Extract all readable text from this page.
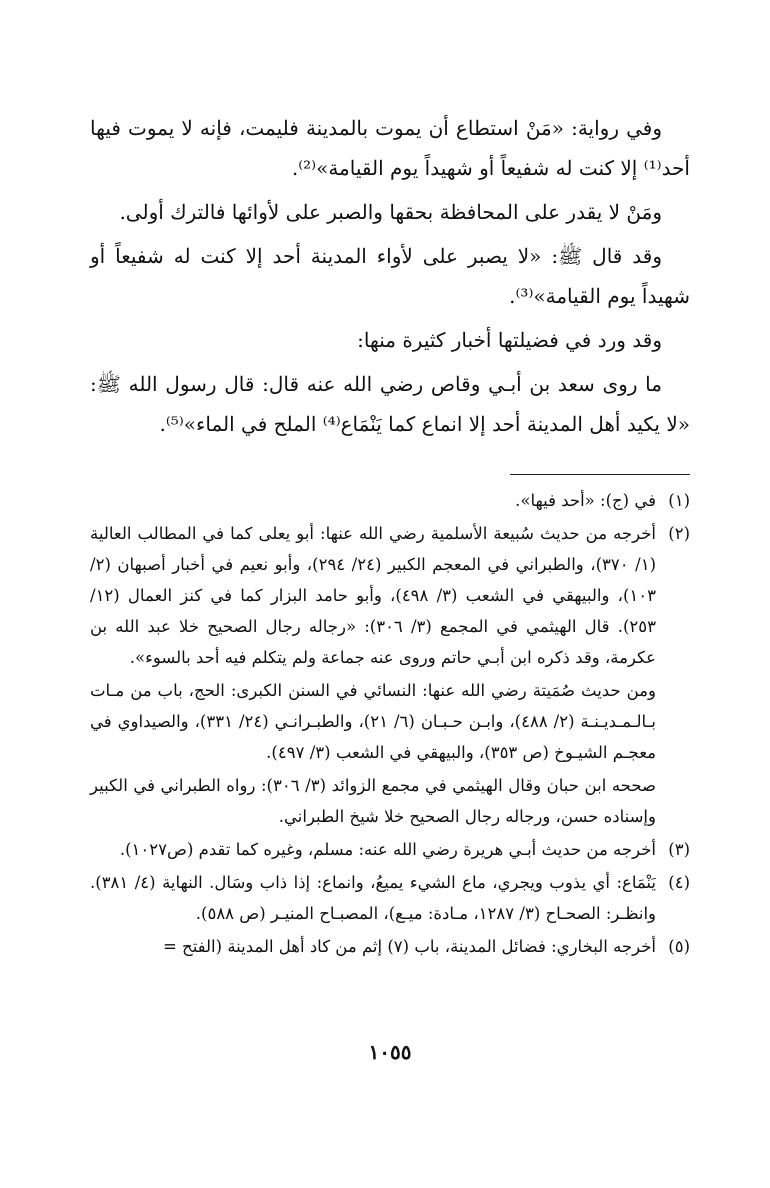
وفي رواية: «مَنْ استطاع أن يموت بالمدينة فليمت، فإنه لا يموت فيها أحد⁽¹⁾ إلا كنت له شفيعاً أو شهيداً يوم القيامة»⁽²⁾.

ومَنْ لا يقدر على المحافظة بحقها والصبر على لأوائها فالترك أولى.

وقد قال ﷺ: «لا يصبر على لأواء المدينة أحد إلا كنت له شفيعاً أو شهيداً يوم القيامة»⁽³⁾.

وقد ورد في فضيلتها أخبار كثيرة منها:

ما روى سعد بن أبـي وقاص رضي الله عنه قال: قال رسول الله ﷺ: «لا يكيد أهل المدينة أحد إلا انماع كما يَنْمَاع⁽⁴⁾ الملح في الماء»⁽⁵⁾.

(١)
في (ج): «أحد فيها».
(٢)
أخرجه من حديث سُبيعة الأسلمية رضي الله عنها: أبو يعلى كما في المطالب العالية (١/ ٣٧٠)، والطبراني في المعجم الكبير (٢٤/ ٢٩٤)، وأبو نعيم في أخبار أصبهان (٢/ ١٠٣)، والبيهقي في الشعب (٣/ ٤٩٨)، وأبو حامد البزار كما في كنز العمال (١٢/ ٢٥٣). قال الهيثمي في المجمع (٣/ ٣٠٦): «رجاله رجال الصحيح خلا عبد الله بن عكرمة، وقد ذكره ابن أبـي حاتم وروى عنه جماعة ولم يتكلم فيه أحد بالسوء».
ومن حديث صُمَيتة رضي الله عنها: النسائي في السنن الكبرى: الحج، باب من مـات بـالـمـديـنـة (٢/ ٤٨٨)، وابـن حـبـان (٦/ ٢١)، والطبـرانـي (٢٤/ ٣٣١)، والصيداوي في معجـم الشيـوخ (ص ٣٥٣)، والبيهقي في الشعب (٣/ ٤٩٧).
صححه ابن حبان وقال الهيثمي في مجمع الزوائد (٣/ ٣٠٦): رواه الطبراني في الكبير وإسناده حسن، ورجاله رجال الصحيح خلا شيخ الطبراني.
(٣)
أخرجه من حديث أبـي هريرة رضي الله عنه: مسلم، وغيره كما تقدم (ص١٠٢٧).
(٤)
يَنْمَاع: أي يذوب ويجري، ماع الشيء يميعُ، وانماع: إذا ذاب وسَال. النهاية (٤/ ٣٨١). وانظـر: الصحـاح (٣/ ١٢٨٧، مـادة: ميـع)، المصبـاح المنيـر (ص ٥٨٨).
(٥)
أخرجه البخاري: فضائل المدينة، باب (٧) إثم من كاد أهل المدينة (الفتح =
١٠٥٥
